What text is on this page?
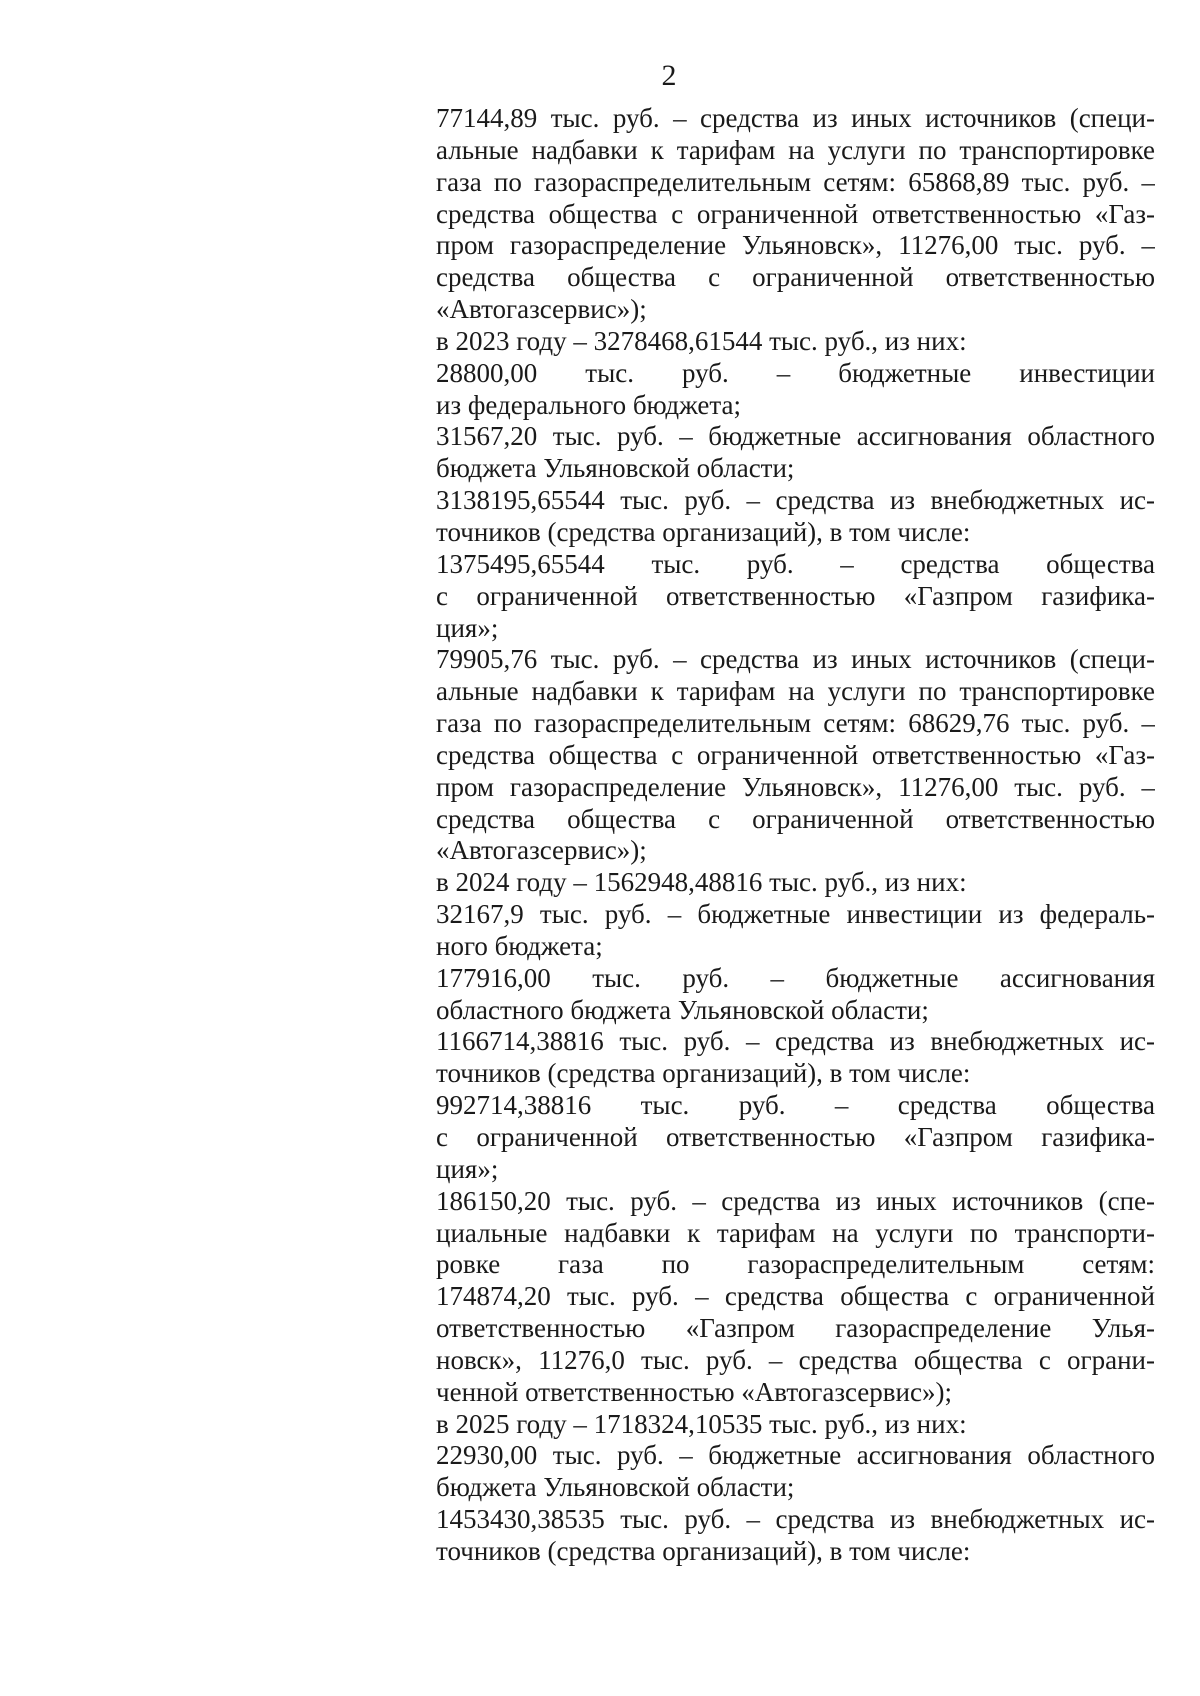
2
77144,89 тыс. руб. – средства из иных источников (специ-
альные надбавки к тарифам на услуги по транспортировке
газа по газораспределительным сетям: 65868,89 тыс. руб. –
средства общества с ограниченной ответственностью «Газ-
пром газораспределение Ульяновск», 11276,00 тыс. руб. –
средства общества с ограниченной ответственностью
«Автогазсервис»);
в 2023 году – 3278468,61544 тыс. руб., из них:
28800,00 тыс. руб. – бюджетные инвестиции
из федерального бюджета;
31567,20 тыс. руб. – бюджетные ассигнования областного
бюджета Ульяновской области;
3138195,65544 тыс. руб. – средства из внебюджетных ис-
точников (средства организаций), в том числе:
1375495,65544 тыс. руб. – средства общества
с ограниченной ответственностью «Газпром газифика-
ция»;
79905,76 тыс. руб. – средства из иных источников (специ-
альные надбавки к тарифам на услуги по транспортировке
газа по газораспределительным сетям: 68629,76 тыс. руб. –
средства общества с ограниченной ответственностью «Газ-
пром газораспределение Ульяновск», 11276,00 тыс. руб. –
средства общества с ограниченной ответственностью
«Автогазсервис»);
в 2024 году – 1562948,48816 тыс. руб., из них:
32167,9 тыс. руб. – бюджетные инвестиции из федераль-
ного бюджета;
177916,00 тыс. руб. – бюджетные ассигнования
областного бюджета Ульяновской области;
1166714,38816 тыс. руб. – средства из внебюджетных ис-
точников (средства организаций), в том числе:
992714,38816 тыс. руб. – средства общества
с ограниченной ответственностью «Газпром газифика-
ция»;
186150,20 тыс. руб. – средства из иных источников (спе-
циальные надбавки к тарифам на услуги по транспорти-
ровке газа по газораспределительным сетям:
174874,20 тыс. руб. – средства общества с ограниченной
ответственностью «Газпром газораспределение Улья-
новск», 11276,0 тыс. руб. – средства общества с ограни-
ченной ответственностью «Автогазсервис»);
в 2025 году – 1718324,10535 тыс. руб., из них:
22930,00 тыс. руб. – бюджетные ассигнования областного
бюджета Ульяновской области;
1453430,38535 тыс. руб. – средства из внебюджетных ис-
точников (средства организаций), в том числе:
